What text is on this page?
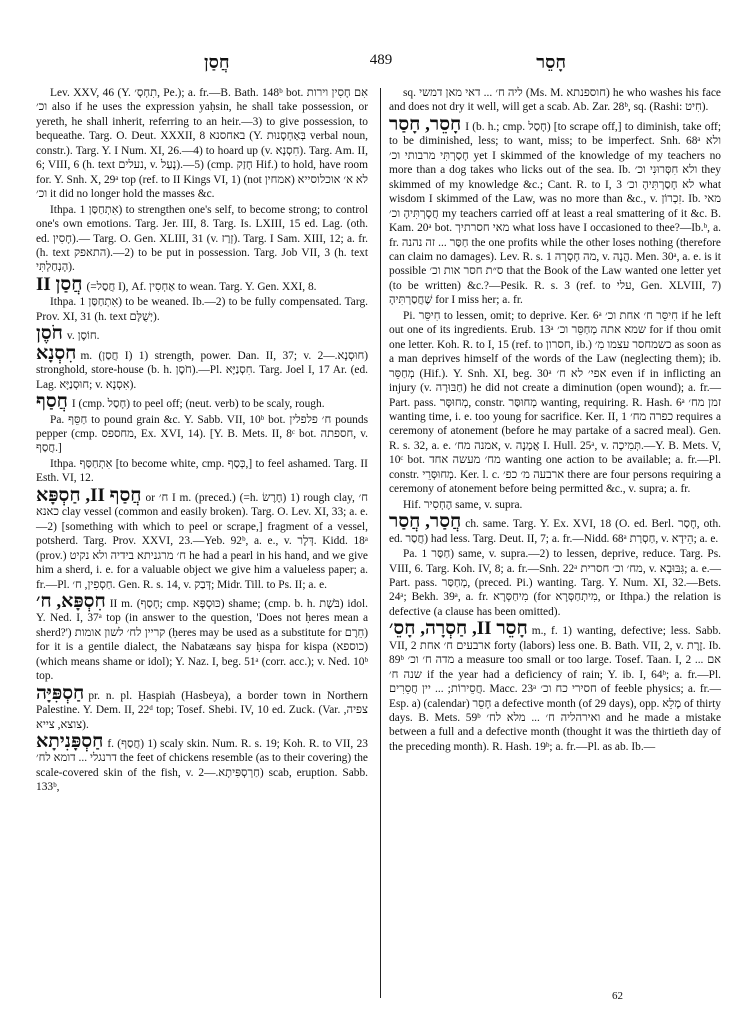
חֲסַן	489	חָסֵר
Lev. XXV, 46 (Y. תִחְסְ׳, Pe.); a. fr.—B. Bath. 148ᵇ bot. אִם חָסִין וירות וכ׳ also if he uses the expression yaḥsin, he shall take possession, or yereth, he shall inherit, referring to an heir.—3) to give possession, to bequeathe. Targ. O. Deut. XXXII, 8 באחסנא (Y. בְּאַחְסָנוּת verbal noun, constr.). Targ. Y. I Num. XI, 26.—4) to hoard up (v. חִסְנָא). Targ. Am. II, 6; VIII, 6 (h. text נעלים, v. נָעַל).—5) (cmp. חָזַק Hif.) to hold, have room for. Y. Snh. X, 29ᵃ top (ref. to II Kings VI, 1) (not אמחין) לא א׳ אוכלוסייא וכ׳ it did no longer hold the masses &c.
Ithpa. אִתְחַסַּן 1) to strengthen one's self, to become strong; to control one's own emotions. Targ. Jer. III, 8. Targ. Is. LXIII, 15 ed. Lag. (oth. ed. חָסִין).— Targ. O. Gen. XLIII, 31 (v. זְרַז). Targ. I Sam. XIII, 12; a. fr. (h. text התאפק).—2) to be put in possession. Targ. Job VII, 3 (h. text הָנְחַלְתִּי).
חֲסַן II (=חֲסַל I), Af. אַחְסִין to wean. Targ. Y. Gen. XXI, 8.
Ithpa. אִתְחַסַּן 1) to be weaned. Ib.—2) to be fully compensated. Targ. Prov. XI, 31 (h. text יְשֻׁלָּם).
חֹסֶן v. חוֹסֶן.
חִסְנָא m. (חֲסַן I) 1) strength, power. Dan. II, 37; v. חוּסְנָא.—2) stronghold, store-house (b. h. חֹסֶן).—Pl. חִסְנַיָּא. Targ. Joel I, 17 Ar. (ed. Lag. חוּסְנַיָּא; v. אִסְנָא).
חֲסַף I (cmp. חָסַל) to peel off; (neut. verb) to be scaly, rough.
Pa. חַסֵּף to pound grain &c. Y. Sabb. VII, 10ᵇ bot. ח׳ פלפלין pounds pepper (cmp. מחספס, Ex. XVI, 14). [Y. B. Mets. II, 8ᶜ bot. חספתה, v. חֲסַף.]
Ithpa. אִתְחַסַּף [to become white, cmp. כְּסַף,] to feel ashamed. Targ. II Esth. VI, 12.
חֲסַף II, חַסְפָּא or ח׳ I m. (preced.) (=h. חֶרֶשׂ) 1) rough clay, ח׳ כאנא clay vessel (common and easily broken). Targ. O. Lev. XI, 33; a. e.—2) [something with which to peel or scrape,] fragment of a vessel, potsherd. Targ. Prov. XXVI, 23.—Yeb. 92ᵇ, a. e., v. דְּלָר. Kidd. 18ᵃ (prov.) ח׳ מרגניתא בידיה ולא נקיט he had a pearl in his hand, and we give him a sherd, i. e. for a valuable object we give him a valueless paper; a. fr.—Pl. חַסְפִין, ח׳. Gen. R. s. 14, v. דְּבַק; Midr. Till. to Ps. II; a. e.
חִסְפָּא, ח׳ II m. (חָסַף; cmp. כּוּסְפָּא) shame; (cmp. b. h. בֹּשֶׁת) idol. Y. Ned. I, 37ᵃ top (in answer to the question, 'Does not ḥeres mean a sherd?') קריין לח׳ לשון אומות (ḥeres may be used as a substitute for חֵרֶם) for it is a gentile dialect, the Nabatæans say ḥispa for kispa (כוספא) (which means shame or idol); Y. Naz. I, beg. 51ᵃ (corr. acc.); v. Ned. 10ᵇ top.
חַסְפִּיָּה pr. n. pl. Ḥaspiah (Hasbeya), a border town in Northern Palestine. Y. Dem. II, 22ᵈ top; Tosef. Shebi. IV, 10 ed. Zuck. (Var. צפיה, צוצא, צייא).
חַסְפָּנִיתָא f. (חֲסַף) 1) scaly skin. Num. R. s. 19; Koh. R. to VII, 23 דרנגלי ... דומא לח׳ the feet of chickens resemble (as to their covering) the scale-covered skin of the fish, v. חַרְסְפִּיתָא.—2) scab, eruption. Sabb. 133ᵇ,
sq. ליה ח׳ ... דאי מאן דמשי (Ms. M. חוספנתא) he who washes his face and does not dry it well, will get a scab. Ab. Zar. 28ᵇ, sq. (Rashi: חִיט).
חָסֵר, חָסַר I (b. h.; cmp. חָסַל) [to scrape off,] to diminish, take off; to be diminished, less; to want, miss; to be imperfect. Snh. 68ᵃ ולא חָסַרְתִּי מרבותי וכ׳ yet I skimmed of the knowledge of my teachers no more than a dog takes who licks out of the sea. Ib. ולא חִסְּרוּנִי וכ׳ they skimmed of my knowledge &c.; Cant. R. to I, 3 לא חָסַרְתִּיהָ וכ׳ what wisdom I skimmed of the Law, was no more than &c., v. זִכְרוֹן. Ib. מאי חֲסָרְתִּיהָ וכ׳ my teachers carried off at least a real smattering of it &c. B. Kam. 20ᵃ bot. מאי חסרתיך what loss have I occasioned to thee?—Ib.ᵇ, a. fr. חַסַּר ... זה נהנה the one profits while the other loses nothing (therefore can claim no damages). Lev. R. s. 1 מה חָסְרָה, v. הֲנָה. Men. 30ᵃ, a. e. is it possible ס״ת חסר אות וכ׳ that the Book of the Law wanted one letter yet (to be written) &c.?—Pesik. R. s. 3 (ref. to עלי, Gen. XLVIII, 7) שֶׁחֲסַרְתִּיהָ for I miss her; a. fr.
Pi. חִיסֵּר to lessen, omit; to deprive. Ker. 6ᵃ חִיסֵּר ח׳ אחת וכ׳ if he left out one of its ingredients. Erub. 13ᵃ שמא אתה מְחַסֵּר וכ׳ for if thou omit one letter. Koh. R. to I, 15 (ref. to חסרון, ib.) כשמחסר עצמו מִ׳ as soon as a man deprives himself of the words of the Law (neglecting them); ib. מְחַסֵּר (Hif.). Y. Snh. XI, beg. 30ᵃ אפי׳ לא ח׳ even if in inflicting an injury (v. חַבּוּרָה) he did not create a diminution (open wound); a. fr.—Part. pass. מְחוּסָּר, constr. מְחוּסַּר wanting, requiring. R. Hash. 6ᵃ זמן מח׳ wanting time, i. e. too young for sacrifice. Ker. II, 1 כפרה מח׳ requires a ceremony of atonement (before he may partake of a sacred meal). Gen. R. s. 32, a. e. אמנה מח׳, v. אֲמָנָה I. Hull. 25ᵃ, v. תְּמִיכָה.—Y. B. Mets. V, 10ᶜ bot. מח׳ מעשה אחד wanting one action to be available; a. fr.—Pl. constr. מְחוּסְּרֵי. Ker. l. c. ארבעה מ׳ כפ׳ there are four persons requiring a ceremony of atonement before being permitted &c., v. supra; a. fr.
Hif. הֶחְסִיר same, v. supra.
חֲסַר, חֲסַר ch. same. Targ. Y. Ex. XVI, 18 (O. ed. Berl. חָסַר, oth. ed. חֲסַר) had less. Targ. Deut. II, 7; a. fr.—Nidd. 68ᵃ חַסְרַת, v. הֵידָא; a. e.
Pa. חַסַּר 1) same, v. supra.—2) to lessen, deprive, reduce. Targ. Ps. VIII, 6. Targ. Koh. IV, 8; a. fr.—Snh. 22ᵃ מח׳ וכ׳ חסרית, v. גִּבּוּבָא; a. e.—Part. pass. מְחַסַּר, (preced. Pi.) wanting. Targ. Y. Num. XI, 32.—Bets. 24ᵃ; Bekh. 39ᵃ, a. fr. מִיחַסְּרָא (for מִיתְחַסְּרָא, or Ithpa.) the relation is defective (a clause has been omitted).
חָסֵר II, חַסְרָה, חָסֵ׳ m., f. 1) wanting, defective; less. Sabb. VII, 2 ארבעים ח׳ אחת forty (labors) less one. B. Bath. VII, 2, v. זֶרֶת. Ib. 89ᵇ מדה ח׳ וכ׳ a measure too small or too large. Tosef. Taan. I, 2 אם ... שנה ח׳ if the year had a deficiency of rain; Y. ib. I, 64ᵇ; a. fr.—Pl. חֲסֵירוֹת; ... יין חֲסֵרִים. Macc. 23ᵃ חסירי כח וכ׳ of feeble physics; a. fr.—Esp. a) (calendar) חָסֵר a defective month (of 29 days), opp. מָלֵא of thirty days. B. Mets. 59ᵇ ואירהליה ח׳ ... מלא לח׳ and he made a mistake between a full and a defective month (thought it was the thirtieth day of the preceding month). R. Hash. 19ᵇ; a. fr.—Pl. as ab. Ib.—
62
